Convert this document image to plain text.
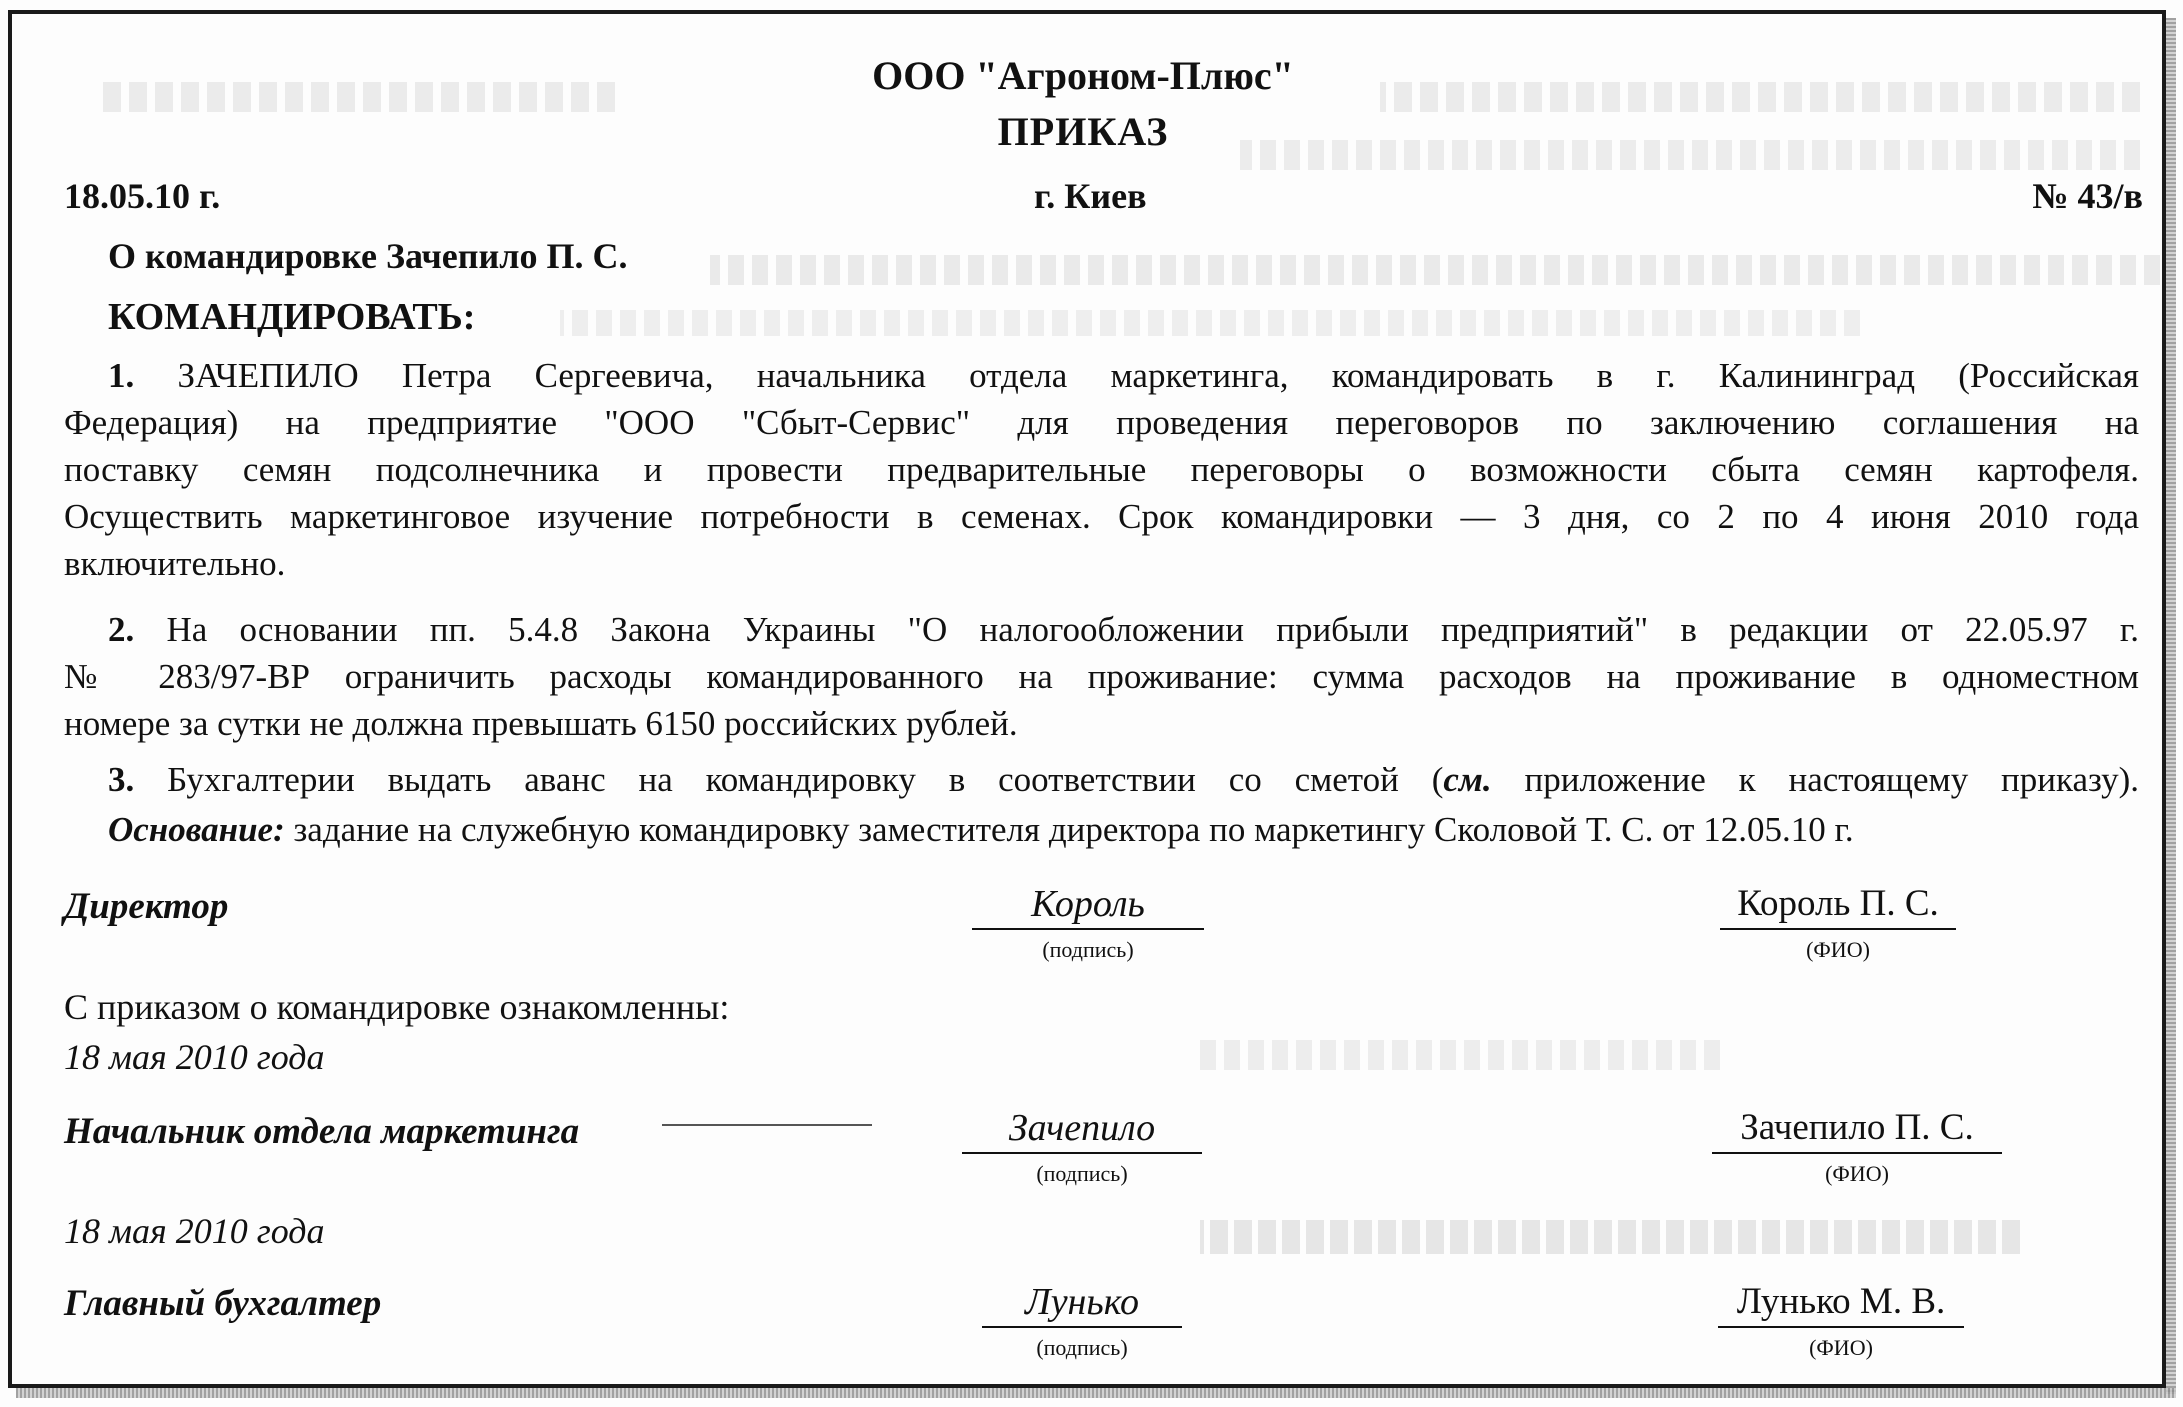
ООО "Агроном-Плюс"
ПРИКАЗ
18.05.10 г.	г. Киев	№ 43/в
О командировке Зачепило П. С.
КОМАНДИРОВАТЬ:
1. ЗАЧЕПИЛО Петра Сергеевича, начальника отдела маркетинга, командировать в г. Калининград (Российская
Федерация) на предприятие "ООО "Сбыт-Сервис" для проведения переговоров по заключению соглашения на
поставку семян подсолнечника и провести предварительные переговоры о возможности сбыта семян картофеля.
Осуществить маркетинговое изучение потребности в семенах. Срок командировки — 3 дня, со 2 по 4 июня 2010 года
включительно.
2. На основании пп. 5.4.8 Закона Украины "О налогообложении прибыли предприятий" в редакции от 22.05.97 г.
№ 283/97-ВР ограничить расходы командированного на проживание: сумма расходов на проживание в одноместном
номере за сутки не должна превышать 6150 российских рублей.
3. Бухгалтерии выдать аванс на командировку в соответствии со сметой (см. приложение к настоящему приказу).
Основание: задание на служебную командировку заместителя директора по маркетингу Сколовой Т. С. от 12.05.10 г.
Директор	Король
(подпись)
Король П. С.
(ФИО)
С приказом о командировке ознакомленны:
18 мая 2010 года
Начальник отдела маркетинга	Зачепило
(подпись)
Зачепило П. С.
(ФИО)
18 мая 2010 года
Главный бухгалтер	Лунько
(подпись)
Лунько М. В.
(ФИО)
